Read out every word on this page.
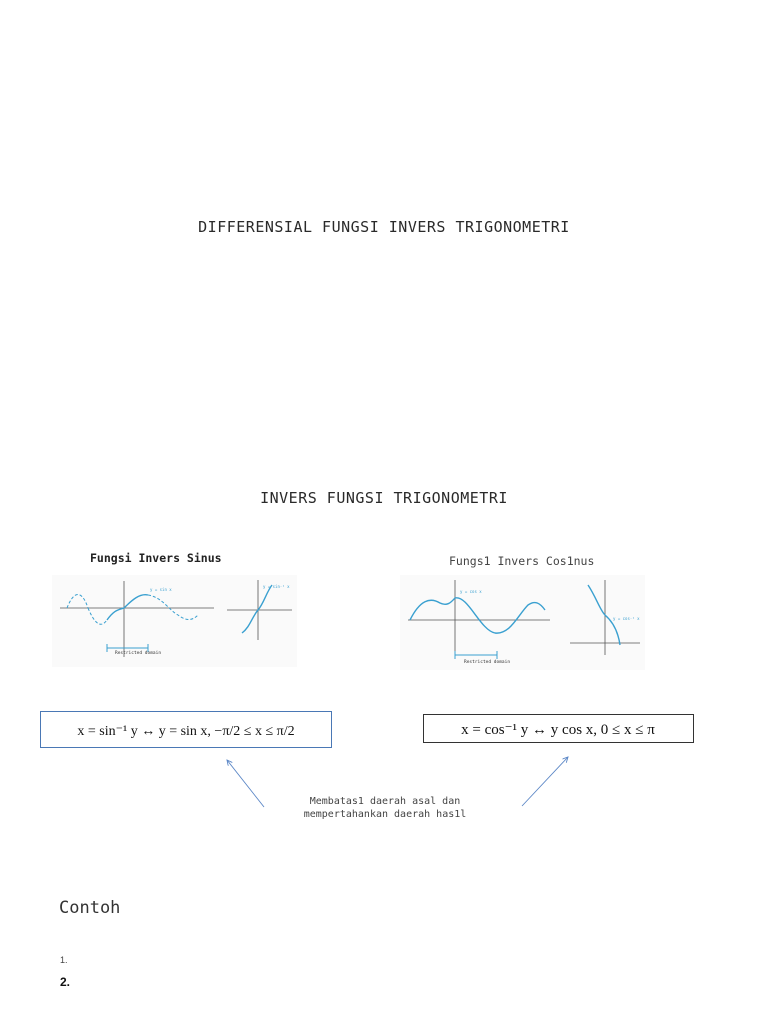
DIFFERENSIAL FUNGSI INVERS TRIGONOMETRI
INVERS FUNGSI TRIGONOMETRI
Fungsi Invers Sinus	Fungs1 Invers Cos1nus
y = sin x
Restricted domain
y = sin⁻¹ x
y = cos x
Restricted domain
y = cos⁻¹ x
x = sin⁻¹ y ↔ y = sin x, −π/2 ≤ x ≤ π/2	x = cos⁻¹ y ↔ y cos x, 0 ≤ x ≤ π
Membatas1 daerah asal dan
mempertahankan daerah has1l
Contoh
1.
2.
